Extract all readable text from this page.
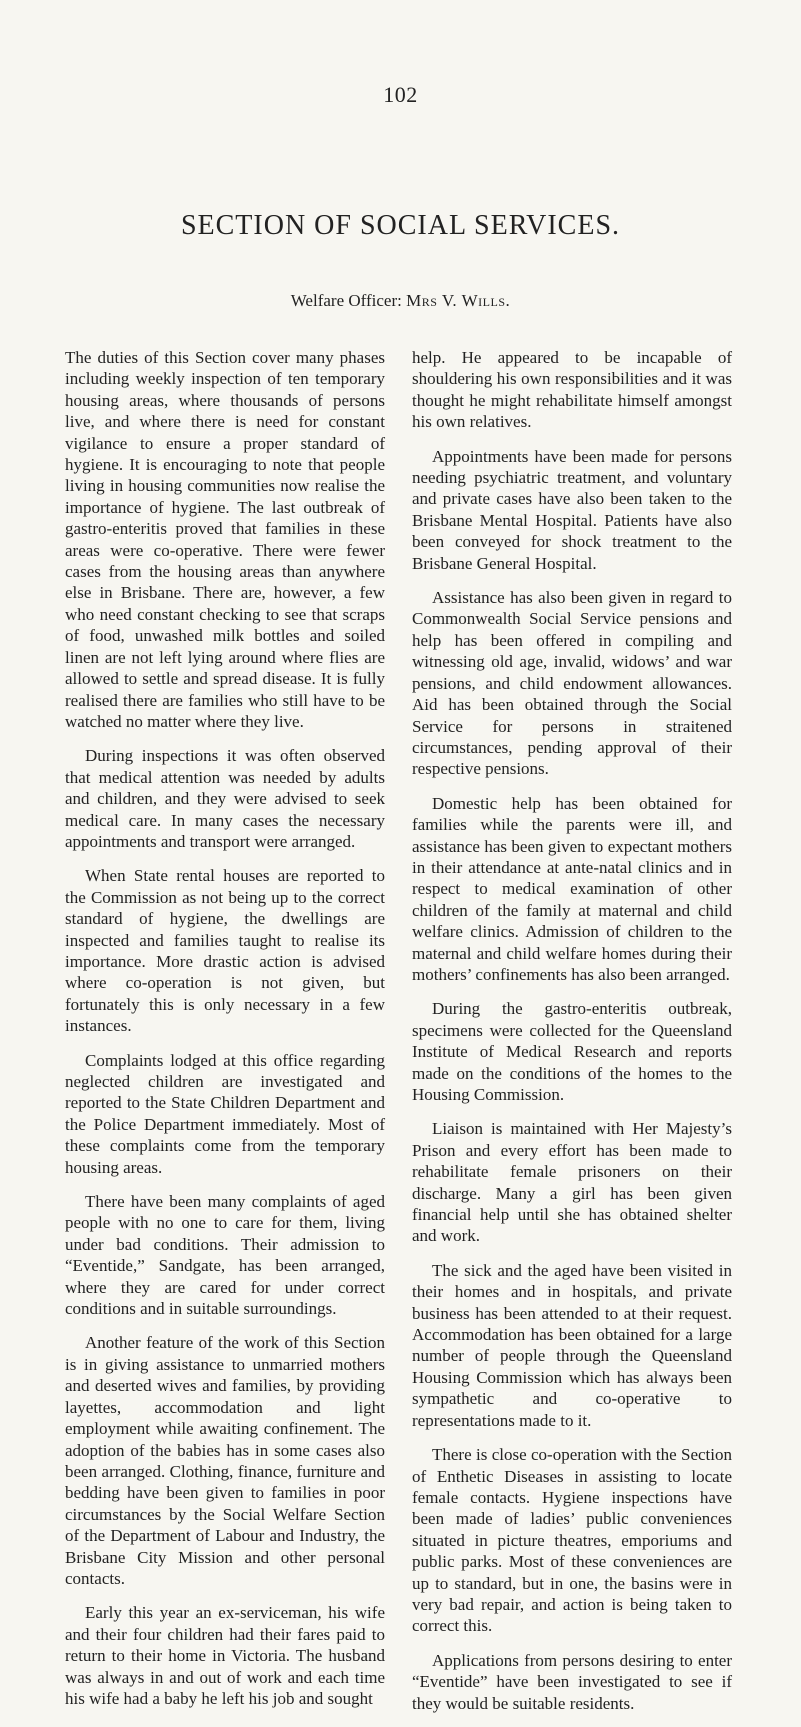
102
SECTION OF SOCIAL SERVICES.
Welfare Officer: Mrs V. Wills.

The duties of this Section cover many phases including weekly inspection of ten temporary housing areas, where thousands of persons live, and where there is need for constant vigilance to ensure a proper standard of hygiene. It is encouraging to note that people living in housing communities now realise the importance of hygiene. The last outbreak of gastro-enteritis proved that families in these areas were co-operative. There were fewer cases from the housing areas than anywhere else in Brisbane. There are, however, a few who need constant checking to see that scraps of food, unwashed milk bottles and soiled linen are not left lying around where flies are allowed to settle and spread disease. It is fully realised there are families who still have to be watched no matter where they live.

During inspections it was often observed that medical attention was needed by adults and children, and they were advised to seek medical care. In many cases the necessary appointments and transport were arranged.

When State rental houses are reported to the Commission as not being up to the correct standard of hygiene, the dwellings are inspected and families taught to realise its importance. More drastic action is advised where co-operation is not given, but fortunately this is only necessary in a few instances.

Complaints lodged at this office regarding neglected children are investigated and reported to the State Children Department and the Police Department immediately. Most of these complaints come from the temporary housing areas.

There have been many complaints of aged people with no one to care for them, living under bad conditions. Their admission to “Eventide,” Sandgate, has been arranged, where they are cared for under correct conditions and in suitable surroundings.

Another feature of the work of this Section is in giving assistance to unmarried mothers and deserted wives and families, by providing layettes, accommodation and light employment while awaiting confinement. The adoption of the babies has in some cases also been arranged. Clothing, finance, furniture and bedding have been given to families in poor circumstances by the Social Welfare Section of the Department of Labour and Industry, the Brisbane City Mission and other personal contacts.

Early this year an ex-serviceman, his wife and their four children had their fares paid to return to their home in Victoria. The husband was always in and out of work and each time his wife had a baby he left his job and sought

help. He appeared to be incapable of shouldering his own responsibilities and it was thought he might rehabilitate himself amongst his own relatives.

Appointments have been made for persons needing psychiatric treatment, and voluntary and private cases have also been taken to the Brisbane Mental Hospital. Patients have also been conveyed for shock treatment to the Brisbane General Hospital.

Assistance has also been given in regard to Commonwealth Social Service pensions and help has been offered in compiling and witnessing old age, invalid, widows’ and war pensions, and child endowment allowances. Aid has been obtained through the Social Service for persons in straitened circumstances, pending approval of their respective pensions.

Domestic help has been obtained for families while the parents were ill, and assistance has been given to expectant mothers in their attendance at ante-natal clinics and in respect to medical examination of other children of the family at maternal and child welfare clinics. Admission of children to the maternal and child welfare homes during their mothers’ confinements has also been arranged.

During the gastro-enteritis outbreak, specimens were collected for the Queensland Institute of Medical Research and reports made on the conditions of the homes to the Housing Commission.

Liaison is maintained with Her Majesty’s Prison and every effort has been made to rehabilitate female prisoners on their discharge. Many a girl has been given financial help until she has obtained shelter and work.

The sick and the aged have been visited in their homes and in hospitals, and private business has been attended to at their request. Accommodation has been obtained for a large number of people through the Queensland Housing Commission which has always been sympathetic and co-operative to representations made to it.

There is close co-operation with the Section of Enthetic Diseases in assisting to locate female contacts. Hygiene inspections have been made of ladies’ public conveniences situated in picture theatres, emporiums and public parks. Most of these conveniences are up to standard, but in one, the basins were in very bad repair, and action is being taken to correct this.

Applications from persons desiring to enter “Eventide” have been investigated to see if they would be suitable residents.
